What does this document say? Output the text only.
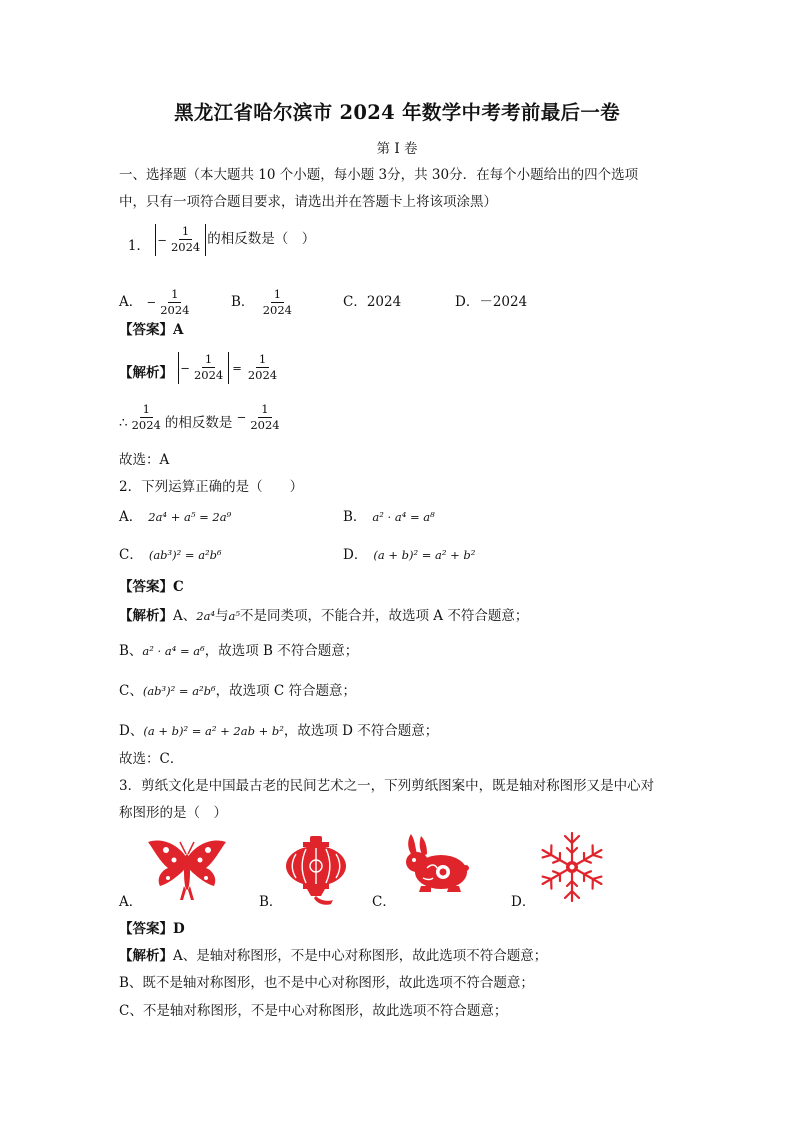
黑龙江省哈尔滨市 2024 年数学中考考前最后一卷
第 I 卷
一、选择题（本大题共 10 个小题，每小题 3分，共 30分．在每个小题给出的四个选项
中，只有一项符合题目要求，请选出并在答题卡上将该项涂黑）
1． − $\frac{1}{2024}$ 的相反数是（　）
A． − $\frac{1}{2024}$	B． $\frac{1}{2024}$	C．2024	D．－2024
【答案】A
【解析】 − $\frac{1}{2024} = \frac{1}{2024}$
∴ $\frac{1}{2024}$ 的相反数是 − $\frac{1}{2024}$
故选：A
2．下列运算正确的是（　　）
A． 2a⁴ + a⁵ = 2a⁹	B． a² · a⁴ = a⁸
C． (ab³)² = a²b⁶	D． (a + b)² = a² + b²
【答案】C
【解析】A、2a⁴与a⁵不是同类项，不能合并，故选项 A 不符合题意；
B、a² · a⁴ = a⁶，故选项 B 不符合题意；
C、(ab³)² = a²b⁶，故选项 C 符合题意；
D、(a + b)² = a² + 2ab + b²，故选项 D 不符合题意；
故选：C．
3．剪纸文化是中国最古老的民间艺术之一，下列剪纸图案中，既是轴对称图形又是中心对
称图形的是（　）
A．	B．	C．	D．
【答案】D
【解析】A、是轴对称图形，不是中心对称图形，故此选项不符合题意；
B、既不是轴对称图形，也不是中心对称图形，故此选项不符合题意；
C、不是轴对称图形，不是中心对称图形，故此选项不符合题意；
